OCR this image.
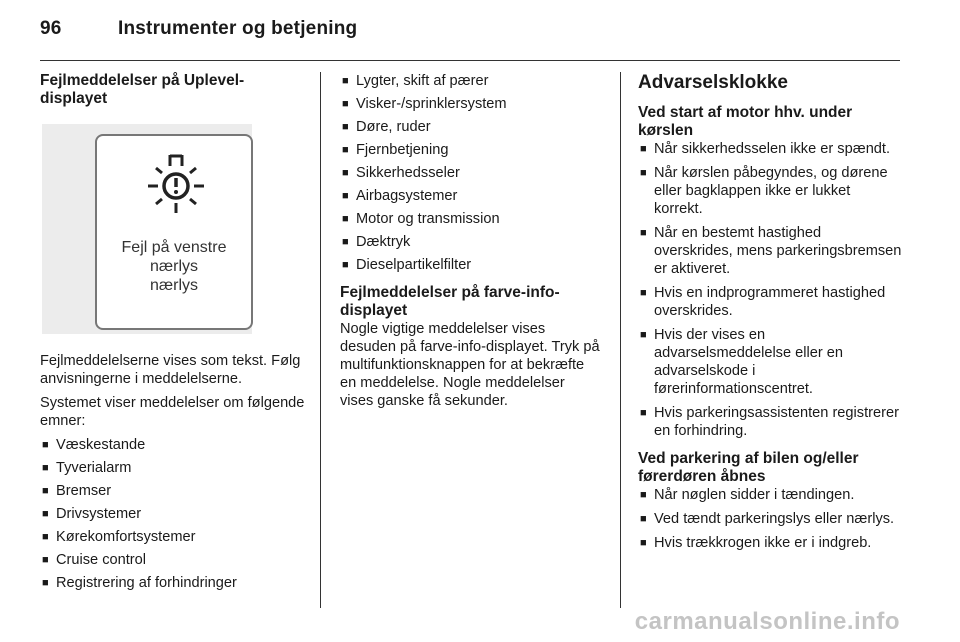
96	Instrumenter og betjening
Fejlmeddelelser på Uplevel-displayet
Fejl på venstre
nærlys
nærlys

Fejlmeddelelserne vises som tekst. Følg anvisningerne i meddelelserne.

Systemet viser meddelelser om følgende emner:

■ Væskestande
■ Tyverialarm
■ Bremser
■ Drivsystemer
■ Kørekomfortsystemer
■ Cruise control
■ Registrering af forhindringer
■ Lygter, skift af pærer
■ Visker-/sprinklersystem
■ Døre, ruder
■ Fjernbetjening
■ Sikkerhedsseler
■ Airbagsystemer
■ Motor og transmission
■ Dæktryk
■ Dieselpartikelfilter
Fejlmeddelelser på farve-info-displayet

Nogle vigtige meddelelser vises desuden på farve-info-displayet. Tryk på multifunktionsknappen for at bekræfte en meddelelse. Nogle meddelelser vises ganske få sekunder.

Advarselsklokke
Ved start af motor hhv. under kørslen
■ Når sikkerhedsselen ikke er spændt.
■ Når kørslen påbegyndes, og dørene eller bagklappen ikke er lukket korrekt.
■ Når en bestemt hastighed overskrides, mens parkeringsbremsen er aktiveret.
■ Hvis en indprogrammeret hastighed overskrides.
■ Hvis der vises en advarselsmeddelelse eller en advarselskode i førerinformationscentret.
■ Hvis parkeringsassistenten registrerer en forhindring.
Ved parkering af bilen og/eller førerdøren åbnes
■ Når nøglen sidder i tændingen.
■ Ved tændt parkeringslys eller nærlys.
■ Hvis trækkrogen ikke er i indgreb.
carmanualsonline.info
